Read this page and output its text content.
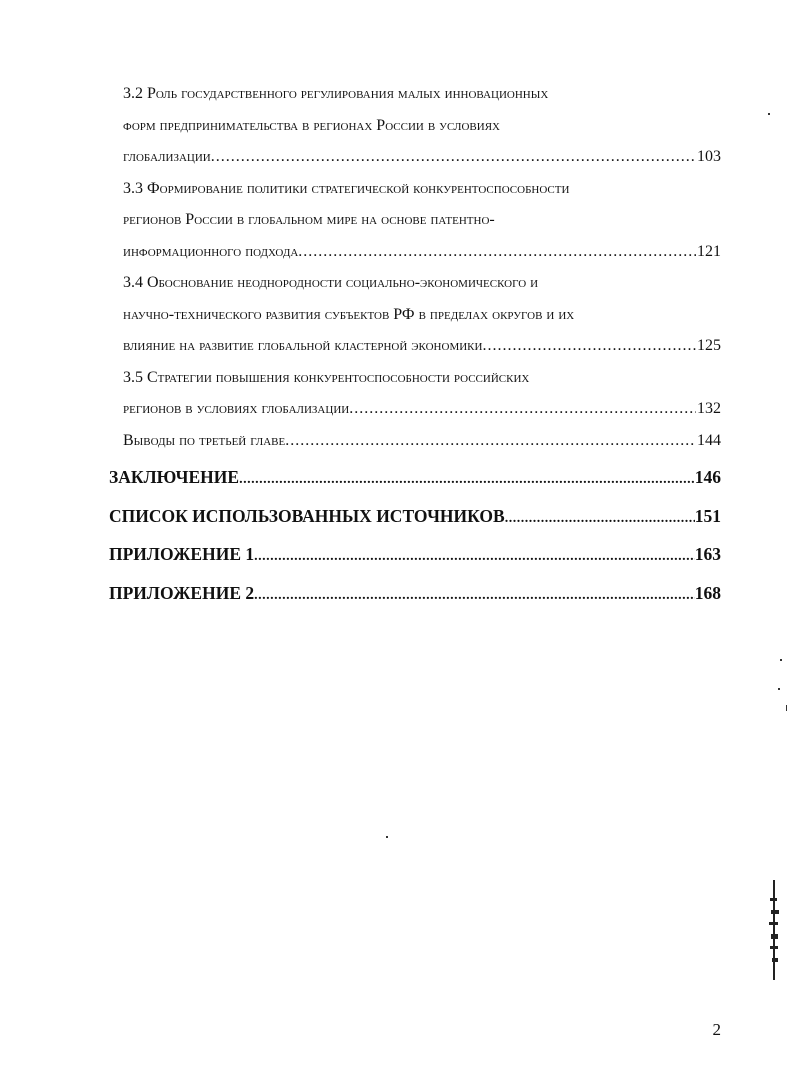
3.2 Роль государственного регулирования малых инновационных
форм предпринимательства в регионах России в условиях
глобализации .....	103
3.3 Формирование политики стратегической конкурентоспособности
регионов России в глобальном мире на основе патентно-
информационного подхода .....	121
3.4 Обоснование неоднородности социально-экономического и
научно-технического развития субъектов РФ в пределах округов и их
влияние на развитие глобальной кластерной экономики .....	125
3.5 Стратегии повышения конкурентоспособности российских
регионов в условиях глобализации .....	132
Выводы по третьей главе .....	144
ЗАКЛЮЧЕНИЕ .....	146
СПИСОК ИСПОЛЬЗОВАННЫХ ИСТОЧНИКОВ .....	151
ПРИЛОЖЕНИЕ 1 .....	163
ПРИЛОЖЕНИЕ 2 .....	168
2
